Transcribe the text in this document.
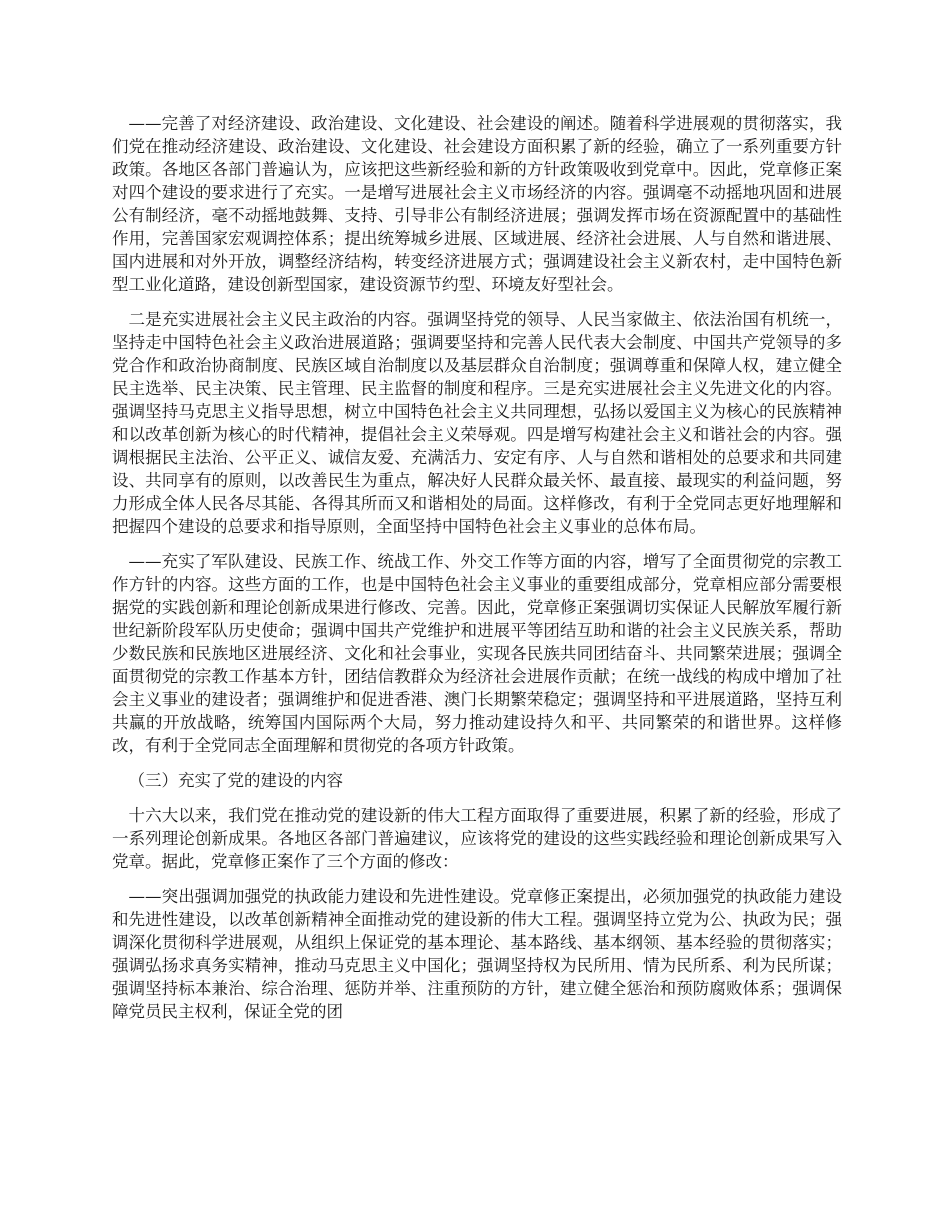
——完善了对经济建设、政治建设、文化建设、社会建设的阐述。随着科学进展观的贯彻落实，我们党在推动经济建设、政治建设、文化建设、社会建设方面积累了新的经验，确立了一系列重要方针政策。各地区各部门普遍认为，应该把这些新经验和新的方针政策吸收到党章中。因此，党章修正案对四个建设的要求进行了充实。一是增写进展社会主义市场经济的内容。强调毫不动摇地巩固和进展公有制经济，毫不动摇地鼓舞、支持、引导非公有制经济进展；强调发挥市场在资源配置中的基础性作用，完善国家宏观调控体系；提出统筹城乡进展、区域进展、经济社会进展、人与自然和谐进展、国内进展和对外开放，调整经济结构，转变经济进展方式；强调建设社会主义新农村，走中国特色新型工业化道路，建设创新型国家，建设资源节约型、环境友好型社会。

二是充实进展社会主义民主政治的内容。强调坚持党的领导、人民当家做主、依法治国有机统一，坚持走中国特色社会主义政治进展道路；强调要坚持和完善人民代表大会制度、中国共产党领导的多党合作和政治协商制度、民族区域自治制度以及基层群众自治制度；强调尊重和保障人权，建立健全民主选举、民主决策、民主管理、民主监督的制度和程序。三是充实进展社会主义先进文化的内容。强调坚持马克思主义指导思想，树立中国特色社会主义共同理想，弘扬以爱国主义为核心的民族精神和以改革创新为核心的时代精神，提倡社会主义荣辱观。四是增写构建社会主义和谐社会的内容。强调根据民主法治、公平正义、诚信友爱、充满活力、安定有序、人与自然和谐相处的总要求和共同建设、共同享有的原则，以改善民生为重点，解决好人民群众最关怀、最直接、最现实的利益问题，努力形成全体人民各尽其能、各得其所而又和谐相处的局面。这样修改，有利于全党同志更好地理解和把握四个建设的总要求和指导原则，全面坚持中国特色社会主义事业的总体布局。

——充实了军队建设、民族工作、统战工作、外交工作等方面的内容，增写了全面贯彻党的宗教工作方针的内容。这些方面的工作，也是中国特色社会主义事业的重要组成部分，党章相应部分需要根据党的实践创新和理论创新成果进行修改、完善。因此，党章修正案强调切实保证人民解放军履行新世纪新阶段军队历史使命；强调中国共产党维护和进展平等团结互助和谐的社会主义民族关系，帮助少数民族和民族地区进展经济、文化和社会事业，实现各民族共同团结奋斗、共同繁荣进展；强调全面贯彻党的宗教工作基本方针，团结信教群众为经济社会进展作贡献；在统一战线的构成中增加了社会主义事业的建设者；强调维护和促进香港、澳门长期繁荣稳定；强调坚持和平进展道路，坚持互利共赢的开放战略，统筹国内国际两个大局，努力推动建设持久和平、共同繁荣的和谐世界。这样修改，有利于全党同志全面理解和贯彻党的各项方针政策。

（三）充实了党的建设的内容

十六大以来，我们党在推动党的建设新的伟大工程方面取得了重要进展，积累了新的经验，形成了一系列理论创新成果。各地区各部门普遍建议，应该将党的建设的这些实践经验和理论创新成果写入党章。据此，党章修正案作了三个方面的修改：

——突出强调加强党的执政能力建设和先进性建设。党章修正案提出，必须加强党的执政能力建设和先进性建设，以改革创新精神全面推动党的建设新的伟大工程。强调坚持立党为公、执政为民；强调深化贯彻科学进展观，从组织上保证党的基本理论、基本路线、基本纲领、基本经验的贯彻落实；强调弘扬求真务实精神，推动马克思主义中国化；强调坚持权为民所用、情为民所系、利为民所谋；强调坚持标本兼治、综合治理、惩防并举、注重预防的方针，建立健全惩治和预防腐败体系；强调保障党员民主权利，保证全党的团
